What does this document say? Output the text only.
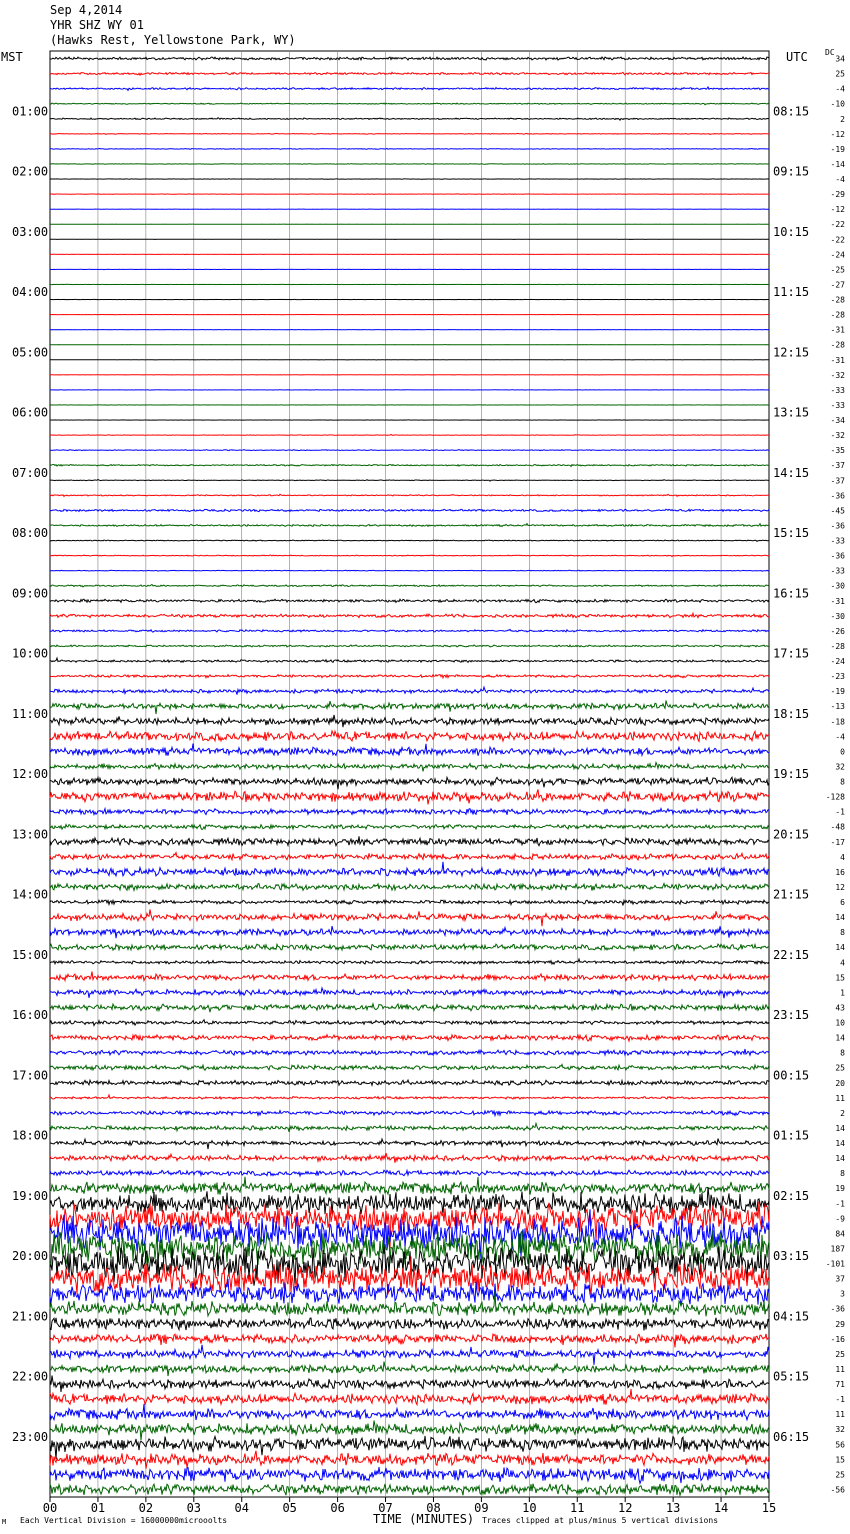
Sep 4,2014
YHR SHZ WY 01
(Hawks Rest, Yellowstone Park, WY)
MST	UTC DC
01:00
02:00
03:00
04:00
05:00
06:00
07:00
08:00
09:00
10:00
11:00
12:00
13:00
14:00
15:00
16:00
17:00
18:00
19:00
20:00
21:00
22:00
23:00
08:15
09:15
10:15
11:15
12:15
13:15
14:15
15:15
16:15
17:15
18:15
19:15
20:15
21:15
22:15
23:15
00:15
01:15
02:15
03:15
04:15
05:15
06:15
34
25
-4
-10
2
-12
-19
-14
-4
-29
-12
-22
-22
-24
-25
-27
-28
-28
-31
-28
-31
-32
-33
-33
-34
-32
-35
-37
-37
-36
-45
-36
-33
-36
-33
-30
-31
-30
-26
-28
-24
-23
-19
-13
-18
-4
0
32
8
-128
-1
-48
-17
4
16
12
6
14
8
14
4
15
1
43
10
14
8
25
20
11
2
14
14
14
8
19
-1
-9
84
187
-101
37
3
-36
29
-16
25
11
71
-1
11
32
56
15
25
-56
00	01	02	03	04	05	06	07	08	09	10	11	12	13	14	15
M Each Vertical Division = 16000000microoolts	TIME (MINUTES) Traces clipped at plus/minus 5 vertical divisions
